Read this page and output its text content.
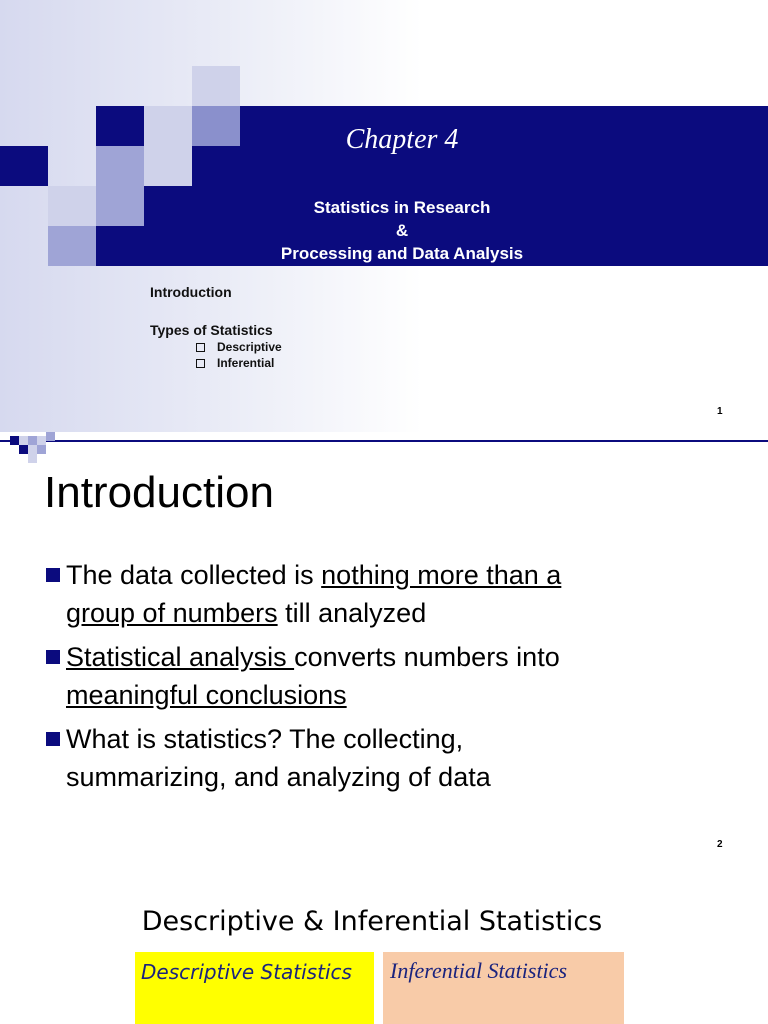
Chapter 4
Statistics in Research
&
Processing and Data Analysis
Introduction
Types of Statistics
Descriptive
Inferential
1
Introduction
The data collected is nothing more than a
group of numbers till analyzed
Statistical analysis converts numbers into
meaningful conclusions
What is statistics? The collecting,
summarizing, and analyzing of data
2
Descriptive & Inferential Statistics
Descriptive Statistics Inferential Statistics
